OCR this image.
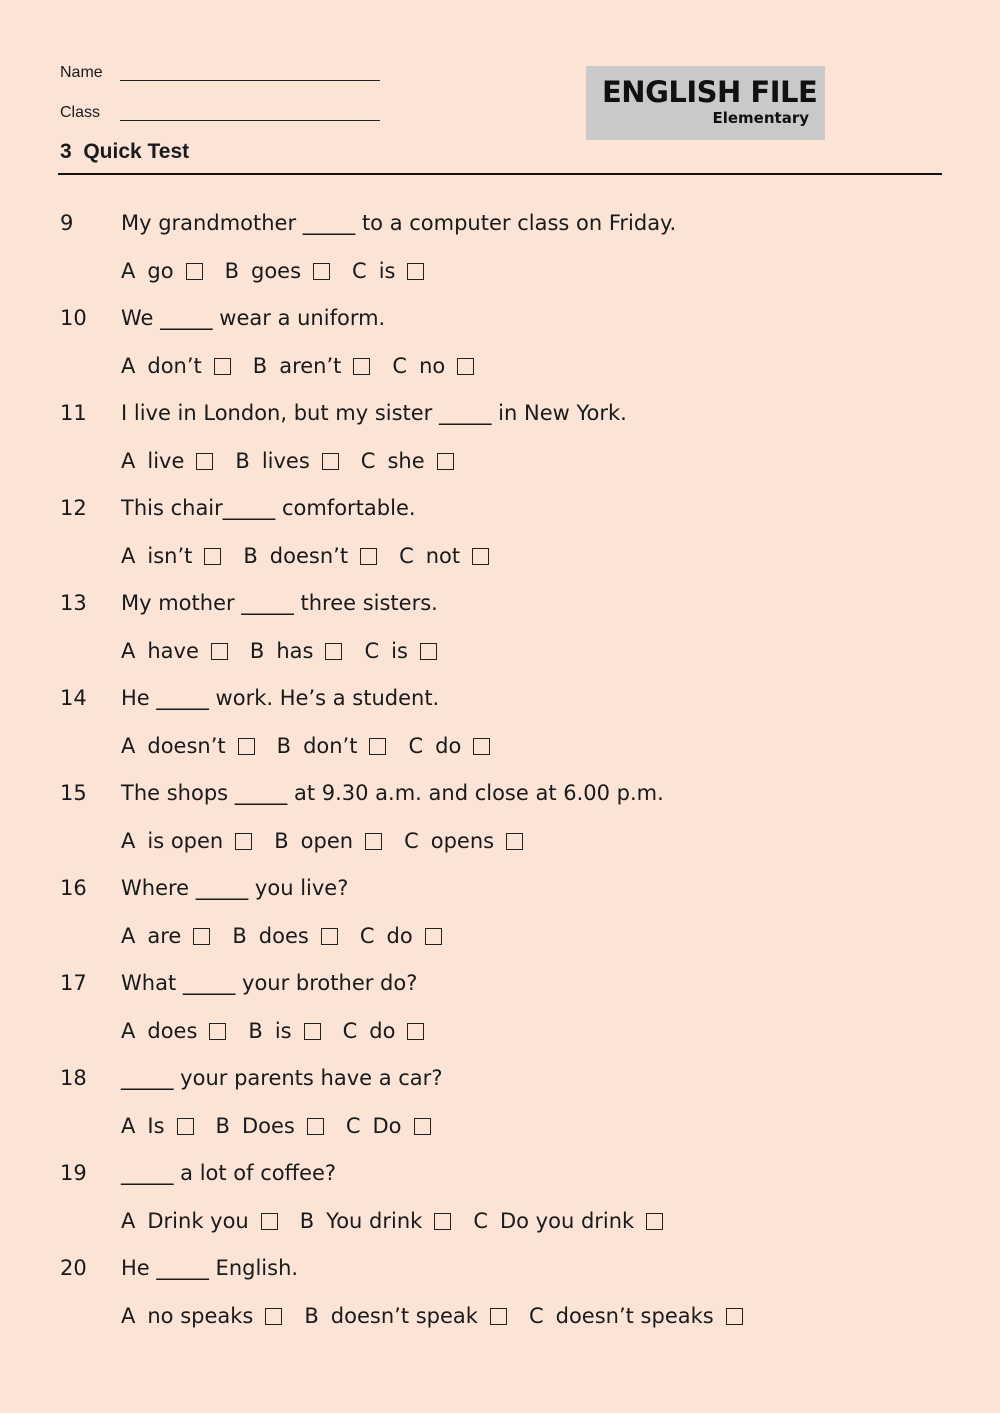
Name
Class
ENGLISH FILE
Elementary
3  Quick Test
9 My grandmother _____ to a computer class on Friday.
A go B goes C is
10 We _____ wear a uniform.
A don’t B aren’t C no
11 I live in London, but my sister _____ in New York.
A live B lives C she
12 This chair_____ comfortable.
A isn’t B doesn’t C not
13 My mother _____ three sisters.
A have B has C is
14 He _____ work. He’s a student.
A doesn’t B don’t C do
15 The shops _____ at 9.30 a.m. and close at 6.00 p.m.
A is open B open C opens
16 Where _____ you live?
A are B does C do
17 What _____ your brother do?
A does B is C do
18 _____ your parents have a car?
A Is B Does C Do
19 _____ a lot of coffee?
A Drink you B You drink C Do you drink
20 He _____ English.
A no speaks B doesn’t speak C doesn’t speaks
